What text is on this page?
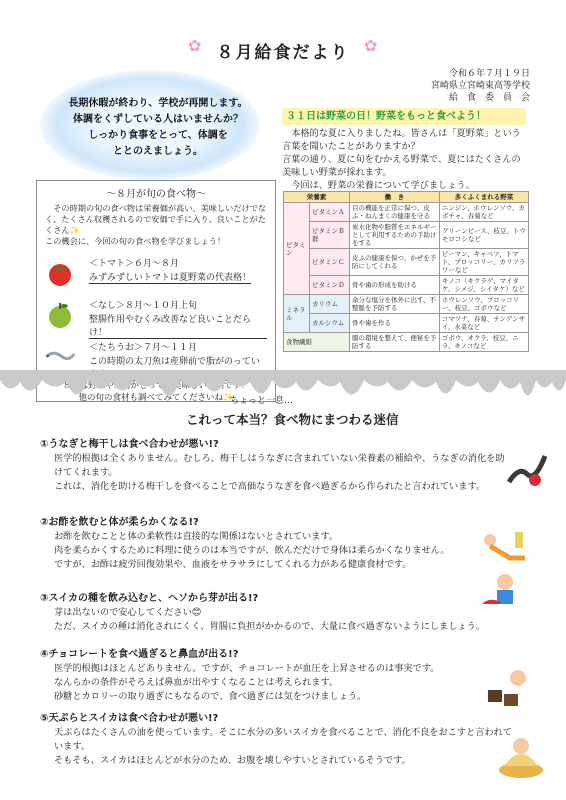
✿	✿
８月給食だより
令和６年７月１９日
宮崎県立宮崎東高等学校
給　食　委　員　会
長期休暇が終わり、学校が再開します。
体調をくずしている人はいませんか？
しっかり食事をとって、体調を
ととのえましょう。
３１日は野菜の日！野菜をもっと食べよう！
本格的な夏に入りましたね。皆さんは「夏野菜」という言葉を聞いたことがありますか？
言葉の通り、夏に旬をむかえる野菜で、夏にはたくさんの美味しい野菜が採れます。
今回は、野菜の栄養について学びましょう。
〜８月が旬の食べ物〜
その時期の旬の食べ物は栄養価が高い、美味しいだけでなく、たくさん収穫されるので安価で手に入り、良いことがたくさん✨
この機会に、今回の旬の食べ物を学びましょう！
＜トマト＞６月〜８月
みずみずしいトマトは夏野菜の代表格！
＜なし＞８月〜１０月上旬
整腸作用やむくみ改善など良いことだらけ！
＜たちうお＞７月〜１１月
この時期の太刀魚は産卵前で脂がのってい
８月は野菜や果物がとっても美味しい時期です！
他の旬の食材も調べてみてくださいね✨
栄養素		働　き	多くふくまれる野菜
ビタミン	ビタミンＡ	目の機能を正常に保つ、皮ふ・ねんまくの健康を守る	ニンジン、ホウレンソウ、カボチャ、春菊など
	ビタミンＢ群	炭水化物や脂質をエネルギーとして利用するための手助けをする	グリーンピース、枝豆、トウモロコシなど
	ビタミンＣ	皮ふの健康を保つ、かぜを予防にしてくれる	ピーマン、キャベツ、トマト、ブロッコリー、カリフラワーなど
	ビタミンＤ	骨や歯の形成を助ける	キノコ（キクラゲ、マイタケ、シメジ、シイタケ）など
ミネラル	カリウム	余分な塩分を体外に出す、不整脈を予防する	ホウレンソウ、ブロッコリー、枝豆、ゴボウなど
	カルシウム	骨や歯を作る	コマツナ、春菊、チンゲンサイ、水菜など
食物繊維		腸の環境を整えて、便秘を予防する	ゴボウ、オクラ、枝豆、ニラ、キノコなど
ちょっと一息…
これって本当？食べ物にまつわる迷信
①うなぎと梅干しは食べ合わせが悪い!?

医学的根拠は全くありません。むしろ、梅干しはうなぎに含まれていない栄養素の補給や、うなぎの消化を助けてくれます。

これは、消化を助ける梅干しを食べることで高価なうなぎを食べ過ぎるから作られたと言われています。

②お酢を飲むと体が柔らかくなる!?

お酢を飲むことと体の柔軟性は直接的な関係はないとされています。

肉を柔らかくするために料理に使うのは本当ですが、飲んだだけで身体は柔らかくなりません。

ですが、お酢は疲労回復効果や、血液をサラサラにしてくれる力がある健康食材です。

③スイカの種を飲み込むと、ヘソから芽が出る!?

芽は出ないので安心してください😊

ただ、スイカの種は消化されにくく、胃腸に負担がかかるので、大量に食べ過ぎないようにしましょう。

④チョコレートを食べ過ぎると鼻血が出る!?

医学的根拠はほとんどありません。ですが、チョコレートが血圧を上昇させるのは事実です。

なんらかの条件がそろえば鼻血が出やすくなることは考えられます。

砂糖とカロリーの取り過ぎにもなるので、食べ過ぎには気をつけましょう。

⑤天ぷらとスイカは食べ合わせが悪い!?

天ぷらはたくさんの油を使っています。そこに水分の多いスイカを食べることで、消化不良をおこすと言われています。

そもそも、スイカはほとんどが水分のため、お腹を壊しやすいとされているそうです。
